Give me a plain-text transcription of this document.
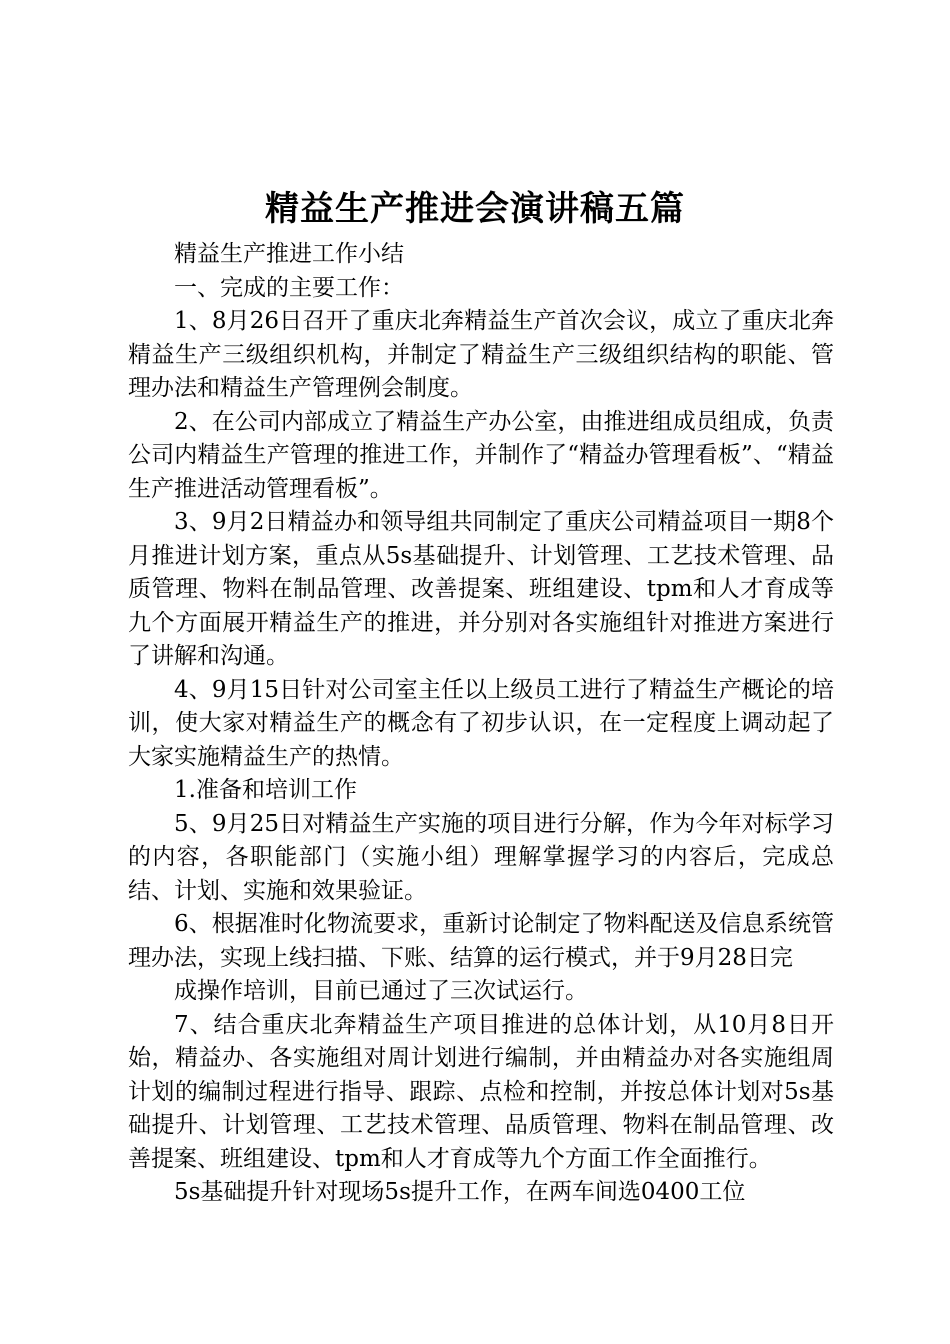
精益生产推进会演讲稿五篇

精益生产推进工作小结

一、完成的主要工作：

1、8月26日召开了重庆北奔精益生产首次会议，成立了重庆北奔精益生产三级组织机构，并制定了精益生产三级组织结构的职能、管理办法和精益生产管理例会制度。

2、在公司内部成立了精益生产办公室，由推进组成员组成，负责公司内精益生产管理的推进工作，并制作了“精益办管理看板”、“精益生产推进活动管理看板”。

3、9月2日精益办和领导组共同制定了重庆公司精益项目一期8个月推进计划方案，重点从5s基础提升、计划管理、工艺技术管理、品质管理、物料在制品管理、改善提案、班组建设、tpm和人才育成等九个方面展开精益生产的推进，并分别对各实施组针对推进方案进行了讲解和沟通。

4、9月15日针对公司室主任以上级员工进行了精益生产概论的培训，使大家对精益生产的概念有了初步认识，在一定程度上调动起了大家实施精益生产的热情。

1.准备和培训工作

5、9月25日对精益生产实施的项目进行分解，作为今年对标学习的内容，各职能部门（实施小组）理解掌握学习的内容后，完成总结、计划、实施和效果验证。

6、根据准时化物流要求，重新讨论制定了物料配送及信息系统管理办法，实现上线扫描、下账、结算的运行模式，并于9月28日完

成操作培训，目前已通过了三次试运行。

7、结合重庆北奔精益生产项目推进的总体计划，从10月8日开始，精益办、各实施组对周计划进行编制，并由精益办对各实施组周计划的编制过程进行指导、跟踪、点检和控制，并按总体计划对5s基础提升、计划管理、工艺技术管理、品质管理、物料在制品管理、改善提案、班组建设、tpm和人才育成等九个方面工作全面推行。

5s基础提升针对现场5s提升工作，在两车间选0400工位
